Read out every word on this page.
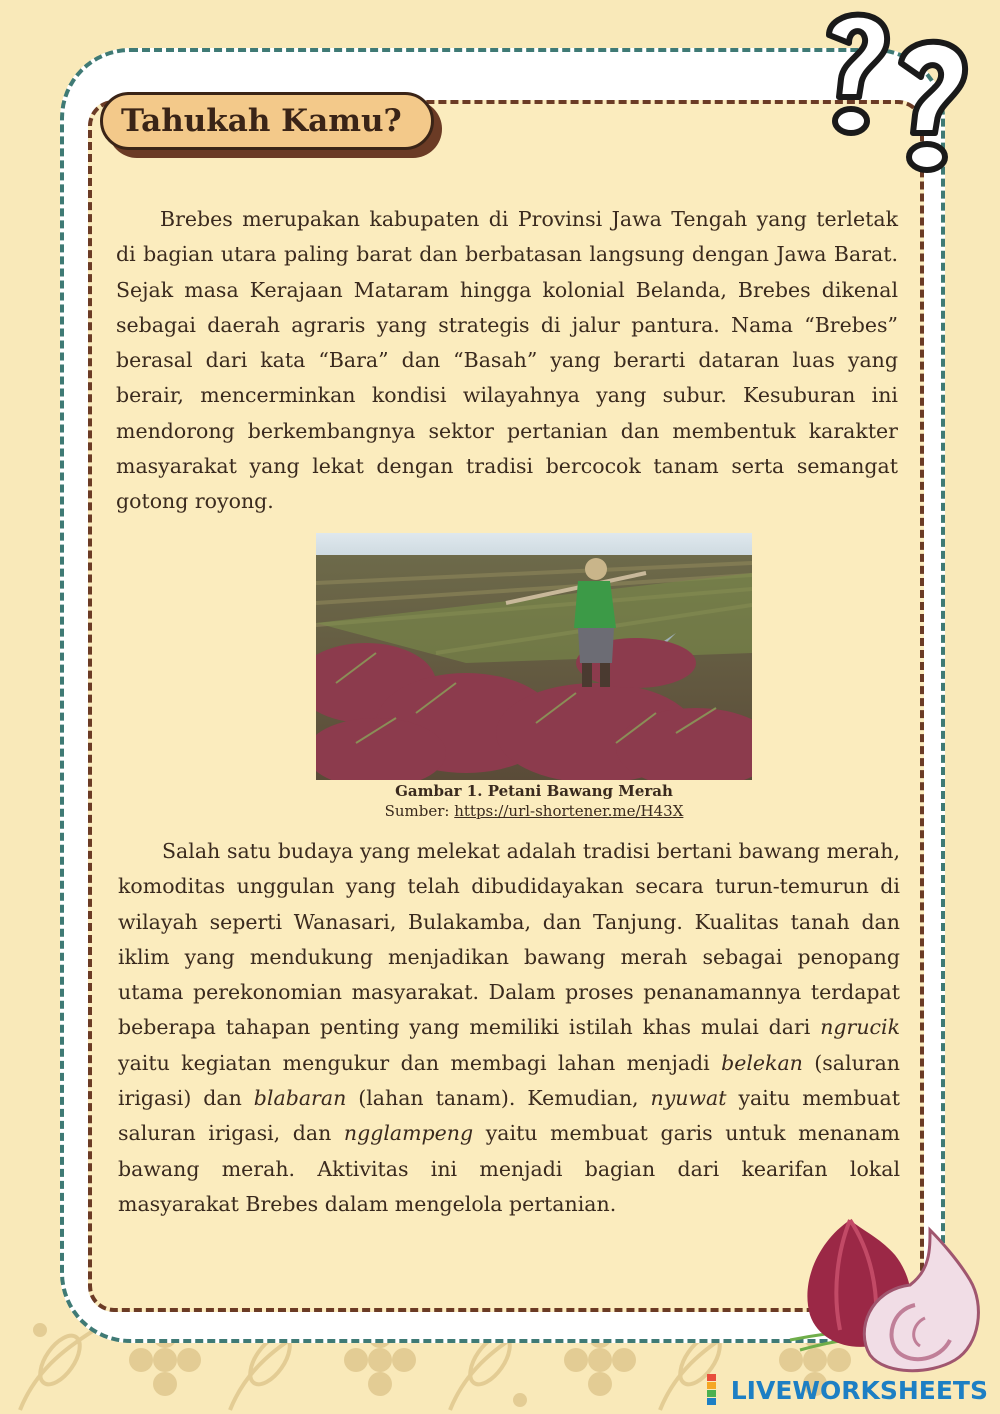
Tahukah Kamu?

Brebes merupakan kabupaten di Provinsi Jawa Tengah yang terletak di bagian utara paling barat dan berbatasan langsung dengan Jawa Barat. Sejak masa Kerajaan Mataram hingga kolonial Belanda, Brebes dikenal sebagai daerah agraris yang strategis di jalur pantura. Nama “Brebes” berasal dari kata “Bara” dan “Basah” yang berarti dataran luas yang berair, mencerminkan kondisi wilayahnya yang subur. Kesuburan ini mendorong berkembangnya sektor pertanian dan membentuk karakter masyarakat yang lekat dengan tradisi bercocok tanam serta semangat gotong royong.

Gambar 1. Petani Bawang Merah
Sumber: https://url-shortener.me/H43X

Salah satu budaya yang melekat adalah tradisi bertani bawang merah, komoditas unggulan yang telah dibudidayakan secara turun-temurun di wilayah seperti Wanasari, Bulakamba, dan Tanjung. Kualitas tanah dan iklim yang mendukung menjadikan bawang merah sebagai penopang utama perekonomian masyarakat. Dalam proses penanamannya terdapat beberapa tahapan penting yang memiliki istilah khas mulai dari ngrucik yaitu kegiatan mengukur dan membagi lahan menjadi belekan (saluran irigasi) dan blabaran (lahan tanam). Kemudian, nyuwat yaitu membuat saluran irigasi, dan ngglampeng yaitu membuat garis untuk menanam bawang merah. Aktivitas ini menjadi bagian dari kearifan lokal masyarakat Brebes dalam mengelola pertanian.

LIVEWORKSHEETS
